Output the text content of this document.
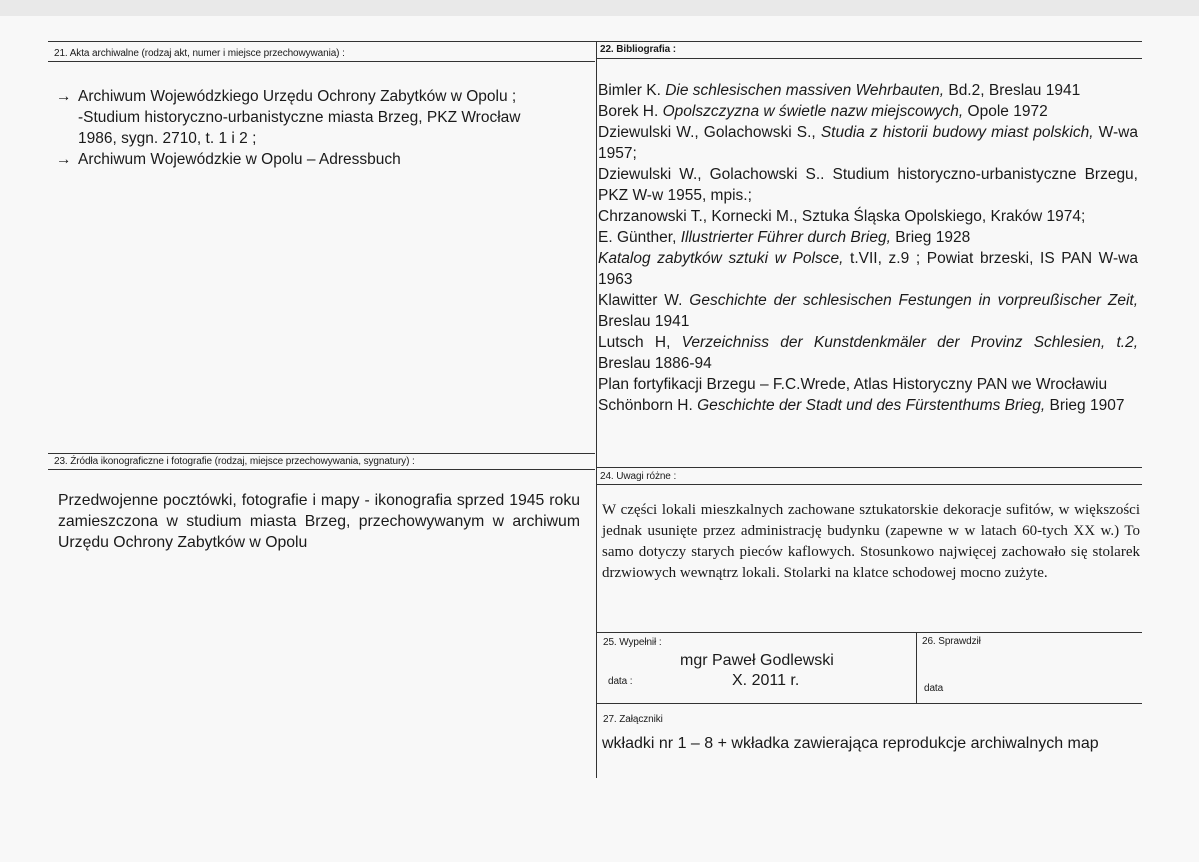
21. Akta archiwalne (rodzaj akt, numer i miejsce przechowywania) :
→ Archiwum Wojewódzkiego Urzędu Ochrony Zabytków w Opolu ;
-Studium historyczno-urbanistyczne miasta Brzeg, PKZ Wrocław
1986, sygn. 2710, t. 1 i 2 ;
→ Archiwum Wojewódzkie w Opolu – Adressbuch
22. Bibliografia :

Bimler K. Die schlesischen massiven Wehrbauten, Bd.2, Breslau 1941

Borek H. Opolszczyzna w świetle nazw miejscowych, Opole 1972

Dziewulski W., Golachowski S., Studia z historii budowy miast polskich, W-wa 1957;

Dziewulski W., Golachowski S.. Studium historyczno-urbanistyczne Brzegu, PKZ W-w 1955, mpis.;

Chrzanowski T., Kornecki M., Sztuka Śląska Opolskiego, Kraków 1974;

E. Günther, Illustrierter Führer durch Brieg, Brieg 1928

Katalog zabytków sztuki w Polsce, t.VII, z.9 ; Powiat brzeski, IS PAN W-wa 1963

Klawitter W. Geschichte der schlesischen Festungen in vorpreußischer Zeit, Breslau 1941

Lutsch H, Verzeichniss der Kunstdenkmäler der Provinz Schlesien, t.2, Breslau 1886-94

Plan fortyfikacji Brzegu – F.C.Wrede, Atlas Historyczny PAN we Wrocławiu

Schönborn H. Geschichte der Stadt und des Fürstenthums Brieg, Brieg 1907

23. Źródła ikonograficzne i fotografie (rodzaj, miejsce przechowywania, sygnatury) :
Przedwojenne pocztówki, fotografie i mapy - ikonografia sprzed 1945 roku zamieszczona w studium miasta Brzeg, przechowywanym w archiwum Urzędu Ochrony Zabytków w Opolu
24. Uwagi różne :
W części lokali mieszkalnych zachowane sztukatorskie dekoracje sufitów, w większości jednak usunięte przez administrację budynku (zapewne w w latach 60-tych XX w.) To samo dotyczy starych pieców kaflowych. Stosunkowo najwięcej zachowało się stolarek drzwiowych wewnątrz lokali. Stolarki na klatce schodowej mocno zużyte.
25. Wypełnił :
mgr Paweł Godlewski
data :	X. 2011 r.
26. Sprawdził
data
27. Załączniki
wkładki nr 1 – 8 + wkładka zawierająca reprodukcje archiwalnych map
